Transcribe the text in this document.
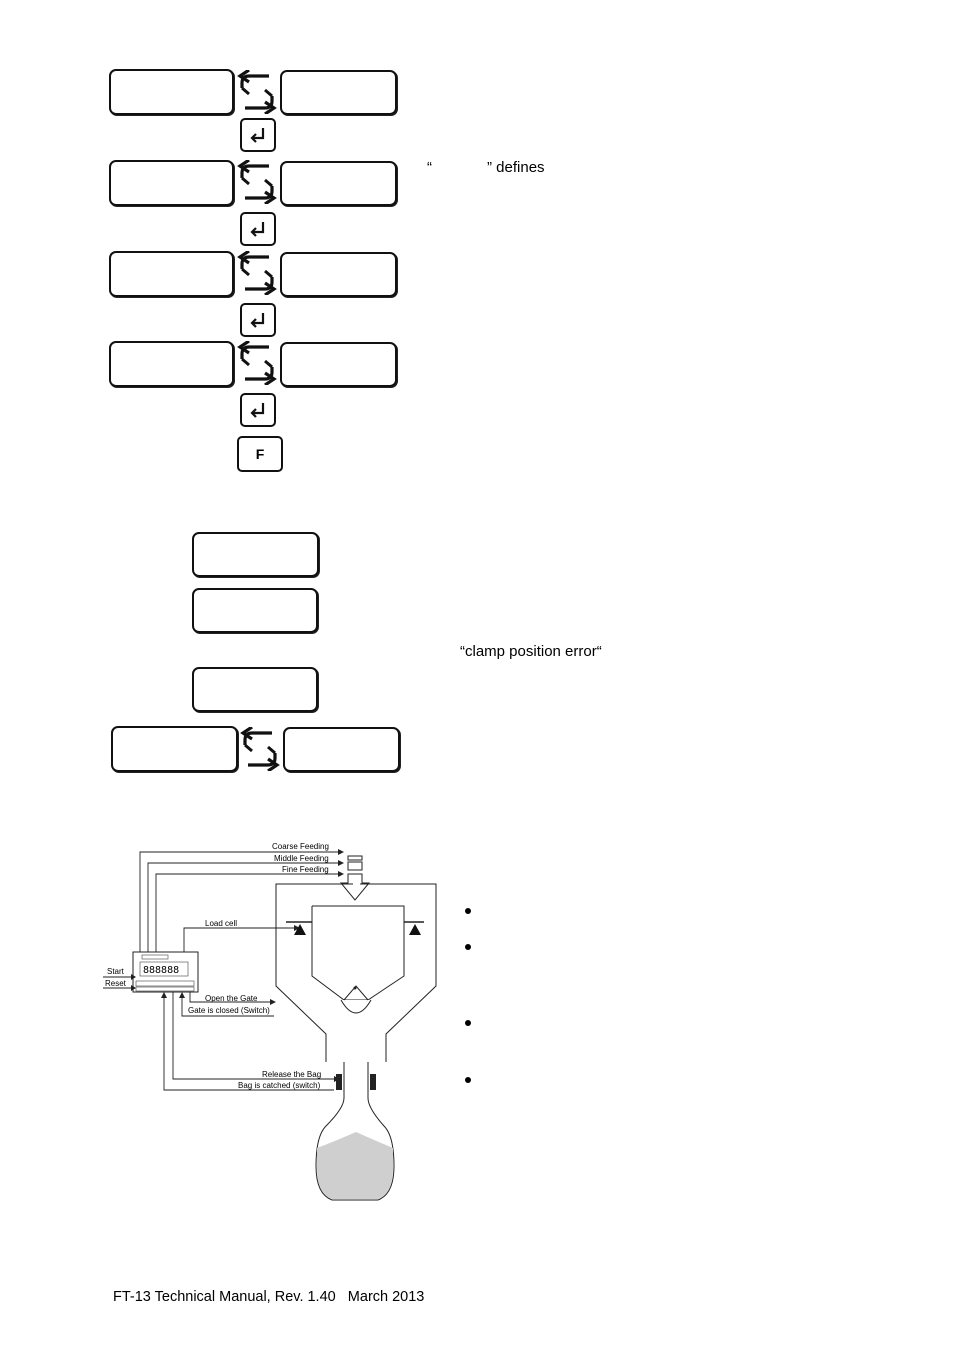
F
“	” defines
“clamp position error“
Coarse Feeding
Middle Feeding
Fine Feeding
Load cell
888888
Start
Reset
Open the Gate
Gate is closed (Switch)
Release the Bag
Bag is catched (switch)
FT-13 Technical Manual, Rev. 1.40   March 2013
